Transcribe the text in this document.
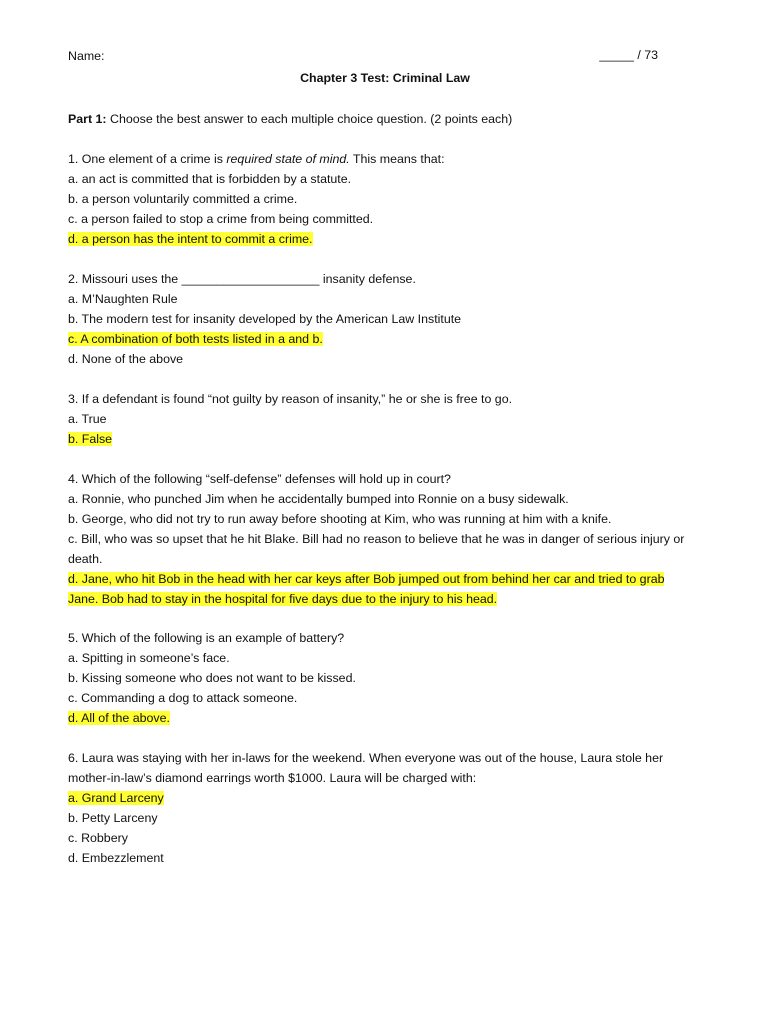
Name:	_____ / 73
Chapter 3 Test: Criminal Law
Part 1: Choose the best answer to each multiple choice question. (2 points each)
1. One element of a crime is required state of mind. This means that:
a. an act is committed that is forbidden by a statute.
b. a person voluntarily committed a crime.
c. a person failed to stop a crime from being committed.
d. a person has the intent to commit a crime.
2. Missouri uses the ____________________ insanity defense.
a. M’Naughten Rule
b. The modern test for insanity developed by the American Law Institute
c. A combination of both tests listed in a and b.
d. None of the above
3. If a defendant is found “not guilty by reason of insanity,” he or she is free to go.
a. True
b. False
4. Which of the following “self-defense” defenses will hold up in court?
a. Ronnie, who punched Jim when he accidentally bumped into Ronnie on a busy sidewalk.
b. George, who did not try to run away before shooting at Kim, who was running at him with a knife.
c. Bill, who was so upset that he hit Blake. Bill had no reason to believe that he was in danger of serious injury or
death.
d. Jane, who hit Bob in the head with her car keys after Bob jumped out from behind her car and tried to grab
Jane. Bob had to stay in the hospital for five days due to the injury to his head.
5. Which of the following is an example of battery?
a. Spitting in someone’s face.
b. Kissing someone who does not want to be kissed.
c. Commanding a dog to attack someone.
d. All of the above.
6. Laura was staying with her in-laws for the weekend. When everyone was out of the house, Laura stole her
mother-in-law’s diamond earrings worth $1000. Laura will be charged with:
a. Grand Larceny
b. Petty Larceny
c. Robbery
d. Embezzlement
